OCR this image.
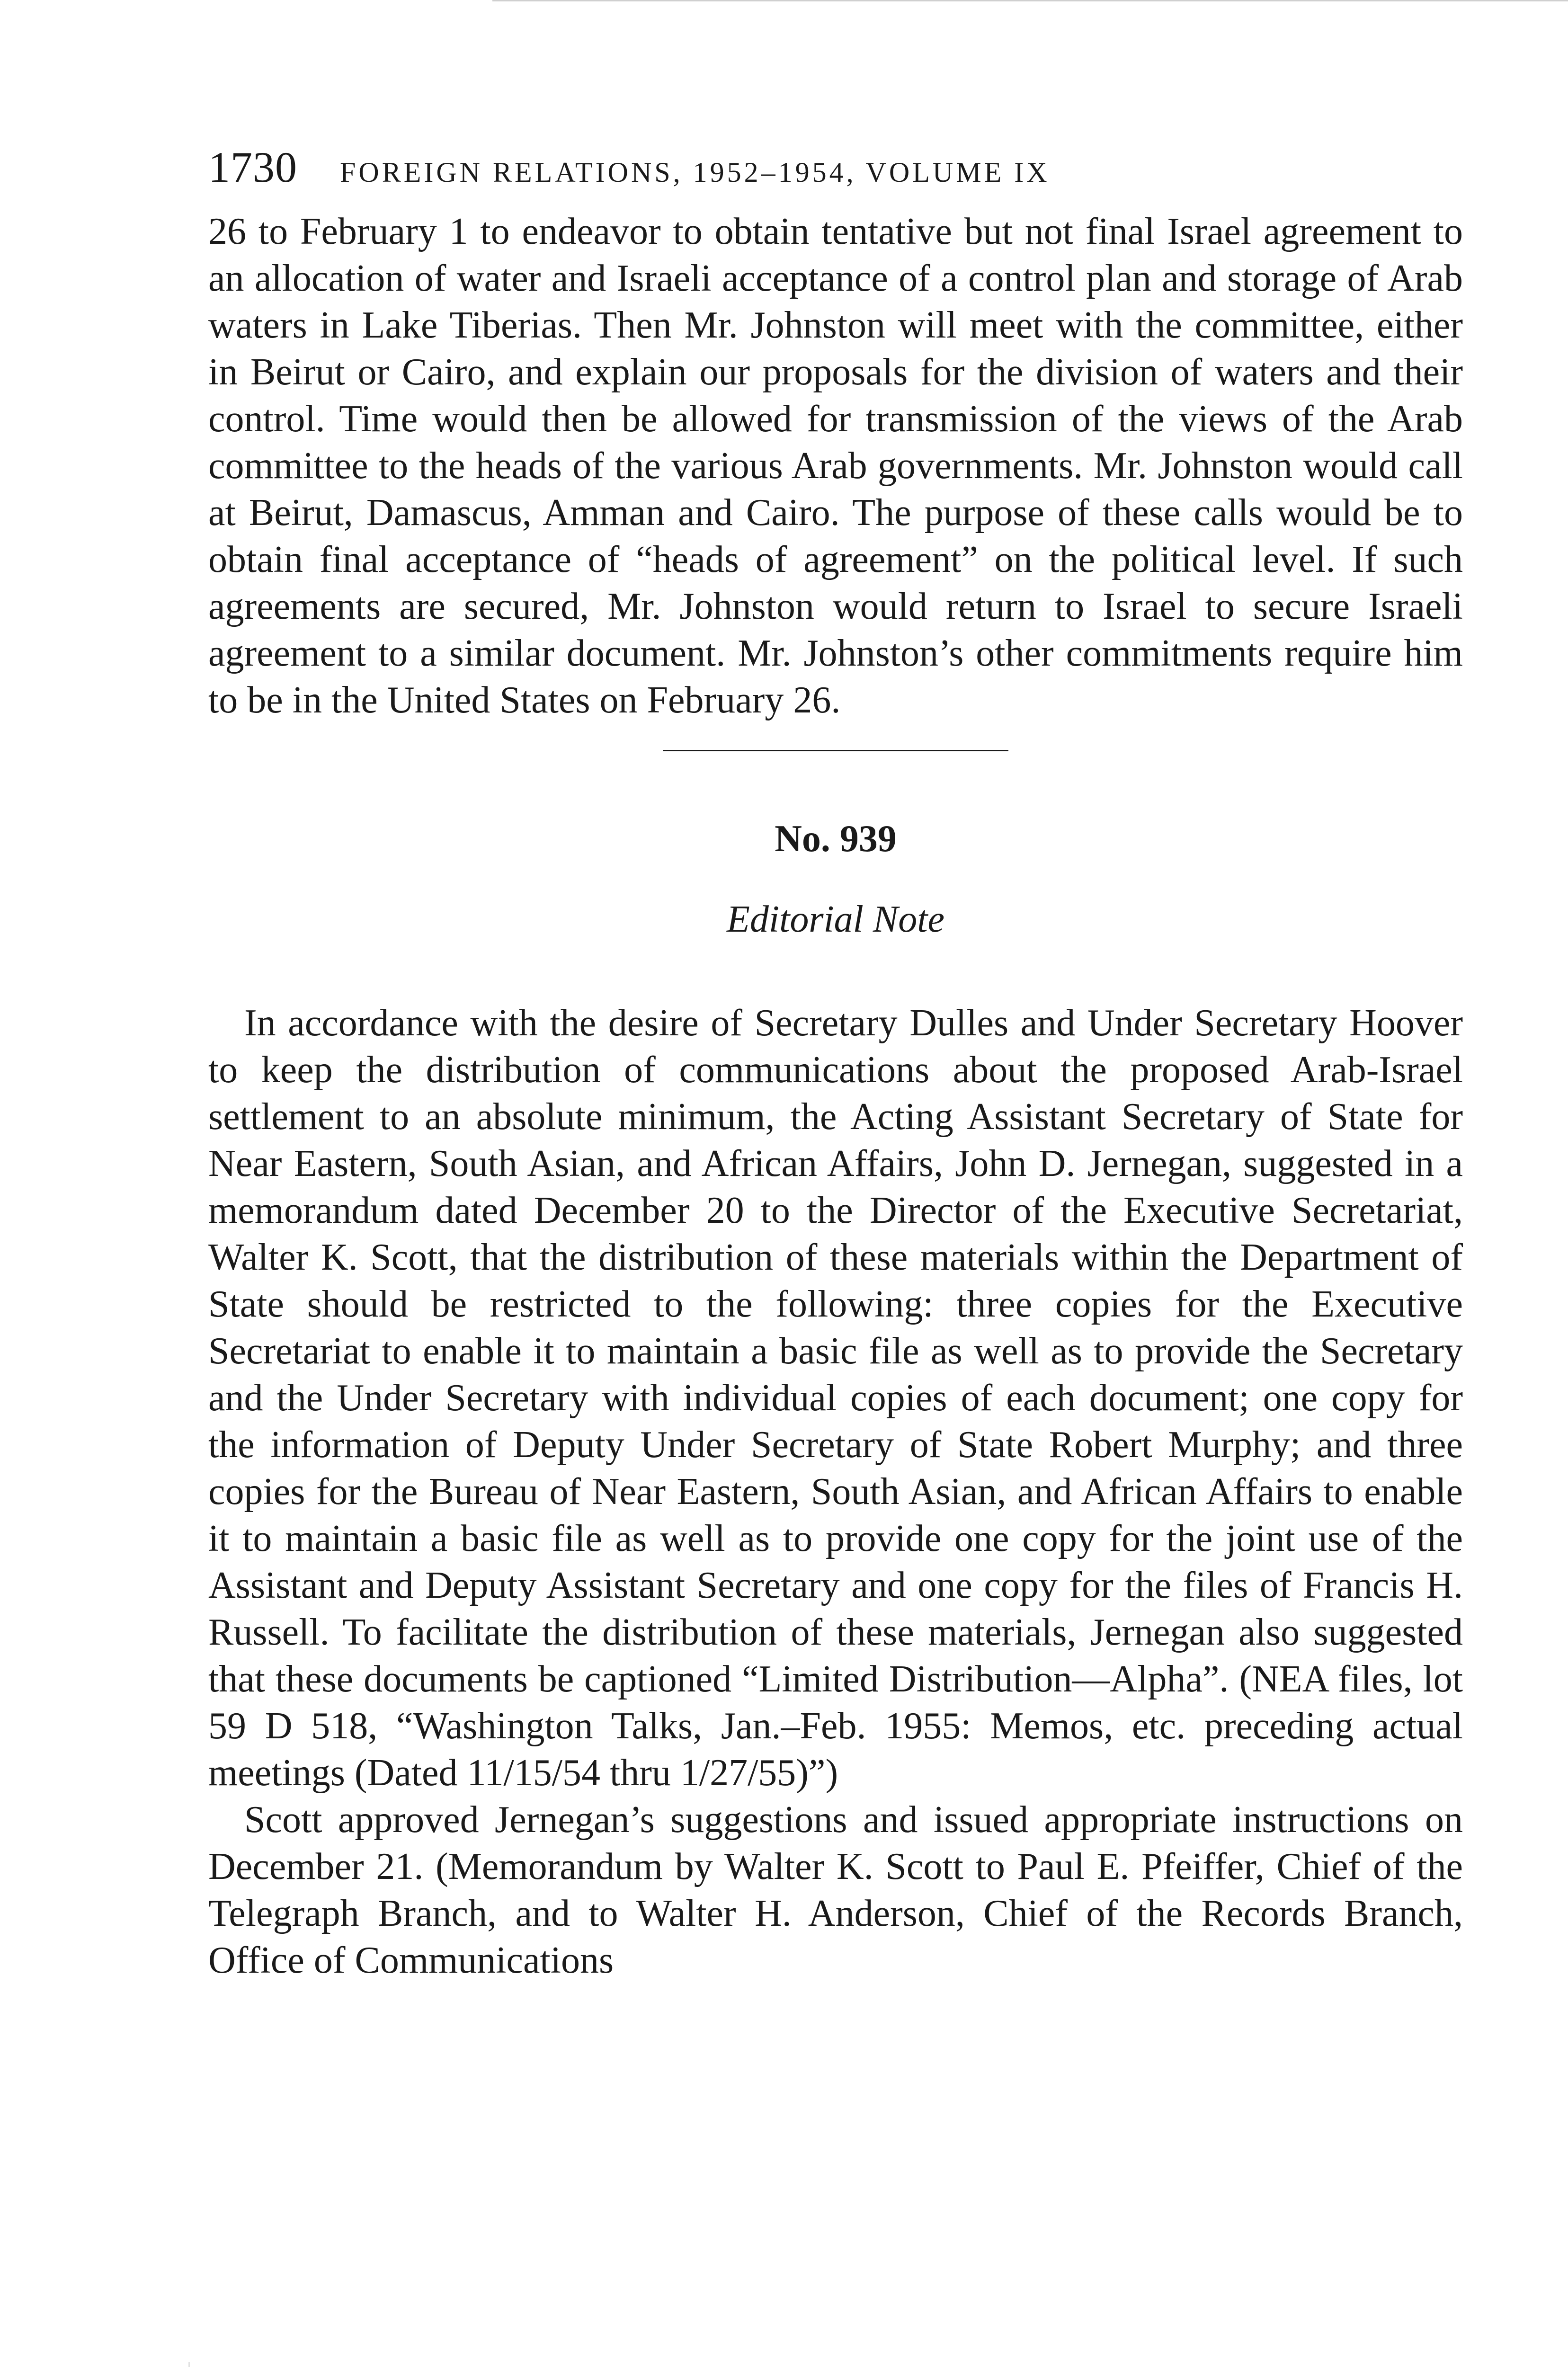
1730 FOREIGN RELATIONS, 1952–1954, VOLUME IX

26 to February 1 to endeavor to obtain tentative but not final Israel agreement to an allocation of water and Israeli acceptance of a control plan and storage of Arab waters in Lake Tiberias. Then Mr. Johnston will meet with the committee, either in Beirut or Cairo, and explain our proposals for the division of waters and their control. Time would then be allowed for transmission of the views of the Arab committee to the heads of the various Arab governments. Mr. Johnston would call at Beirut, Damascus, Amman and Cairo. The purpose of these calls would be to obtain final acceptance of “heads of agreement” on the political level. If such agreements are secured, Mr. Johnston would return to Israel to secure Israeli agreement to a similar document. Mr. Johnston’s other commitments require him to be in the United States on February 26.

No. 939
Editorial Note

In accordance with the desire of Secretary Dulles and Under Secretary Hoover to keep the distribution of communications about the proposed Arab-Israel settlement to an absolute minimum, the Acting Assistant Secretary of State for Near Eastern, South Asian, and African Affairs, John D. Jernegan, suggested in a memorandum dated December 20 to the Director of the Executive Secretariat, Walter K. Scott, that the distribution of these materials within the Department of State should be restricted to the following: three copies for the Executive Secretariat to enable it to maintain a basic file as well as to provide the Secretary and the Under Secretary with individual copies of each document; one copy for the information of Deputy Under Secretary of State Robert Murphy; and three copies for the Bureau of Near Eastern, South Asian, and African Affairs to enable it to maintain a basic file as well as to provide one copy for the joint use of the Assistant and Deputy Assistant Secretary and one copy for the files of Francis H. Russell. To facilitate the distribution of these materials, Jernegan also suggested that these documents be captioned “Limited Distribution—Alpha”. (NEA files, lot 59 D 518, “Washington Talks, Jan.–Feb. 1955: Memos, etc. preceding actual meetings (Dated 11/15/54 thru 1/27/55)”)

Scott approved Jernegan’s suggestions and issued appropriate instructions on December 21. (Memorandum by Walter K. Scott to Paul E. Pfeiffer, Chief of the Telegraph Branch, and to Walter H. Anderson, Chief of the Records Branch, Office of Communications
